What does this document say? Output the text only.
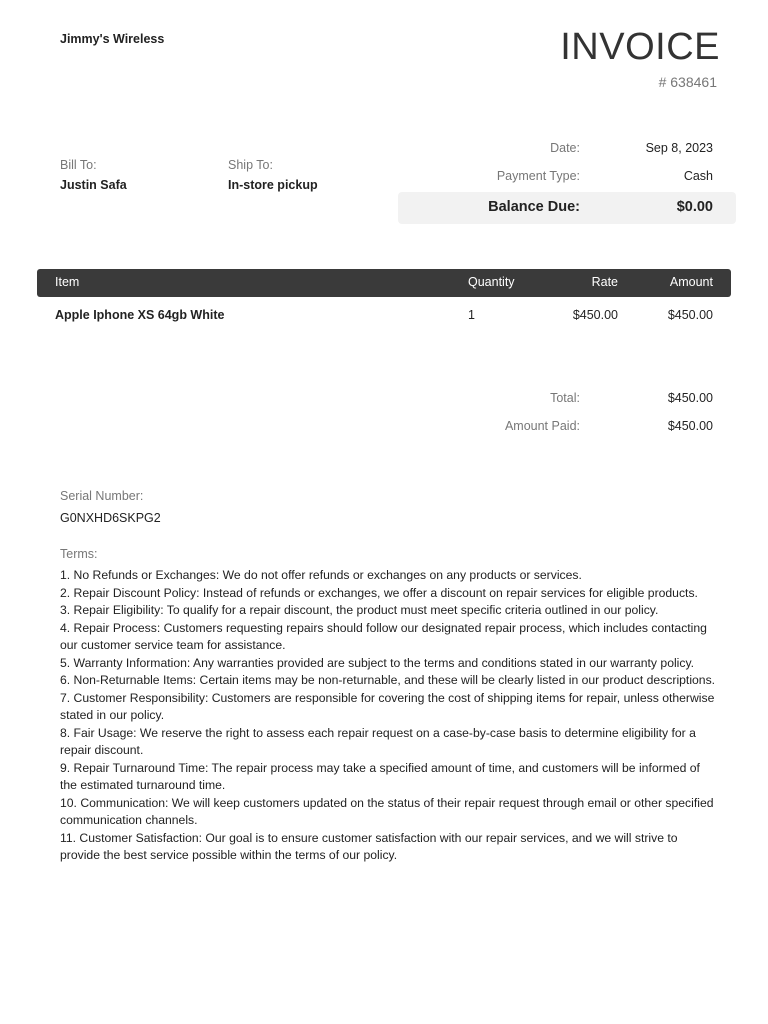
Jimmy's Wireless	INVOICE
# 638461
Bill To:
Justin Safa
Ship To:
In-store pickup
Date:	Sep 8, 2023
Payment Type:	Cash
Balance Due:	$0.00
Item	Quantity	Rate	Amount
Apple Iphone XS 64gb White	1	$450.00	$450.00
Total:	$450.00
Amount Paid:	$450.00
Serial Number:
G0NXHD6SKPG2
Terms:
1. No Refunds or Exchanges: We do not offer refunds or exchanges on any products or services.
2. Repair Discount Policy: Instead of refunds or exchanges, we offer a discount on repair services for eligible products.
3. Repair Eligibility: To qualify for a repair discount, the product must meet specific criteria outlined in our policy.
4. Repair Process: Customers requesting repairs should follow our designated repair process, which includes contacting our customer service team for assistance.
5. Warranty Information: Any warranties provided are subject to the terms and conditions stated in our warranty policy.
6. Non-Returnable Items: Certain items may be non-returnable, and these will be clearly listed in our product descriptions.
7. Customer Responsibility: Customers are responsible for covering the cost of shipping items for repair, unless otherwise stated in our policy.
8. Fair Usage: We reserve the right to assess each repair request on a case-by-case basis to determine eligibility for a repair discount.
9. Repair Turnaround Time: The repair process may take a specified amount of time, and customers will be informed of the estimated turnaround time.
10. Communication: We will keep customers updated on the status of their repair request through email or other specified communication channels.
11. Customer Satisfaction: Our goal is to ensure customer satisfaction with our repair services, and we will strive to provide the best service possible within the terms of our policy.
